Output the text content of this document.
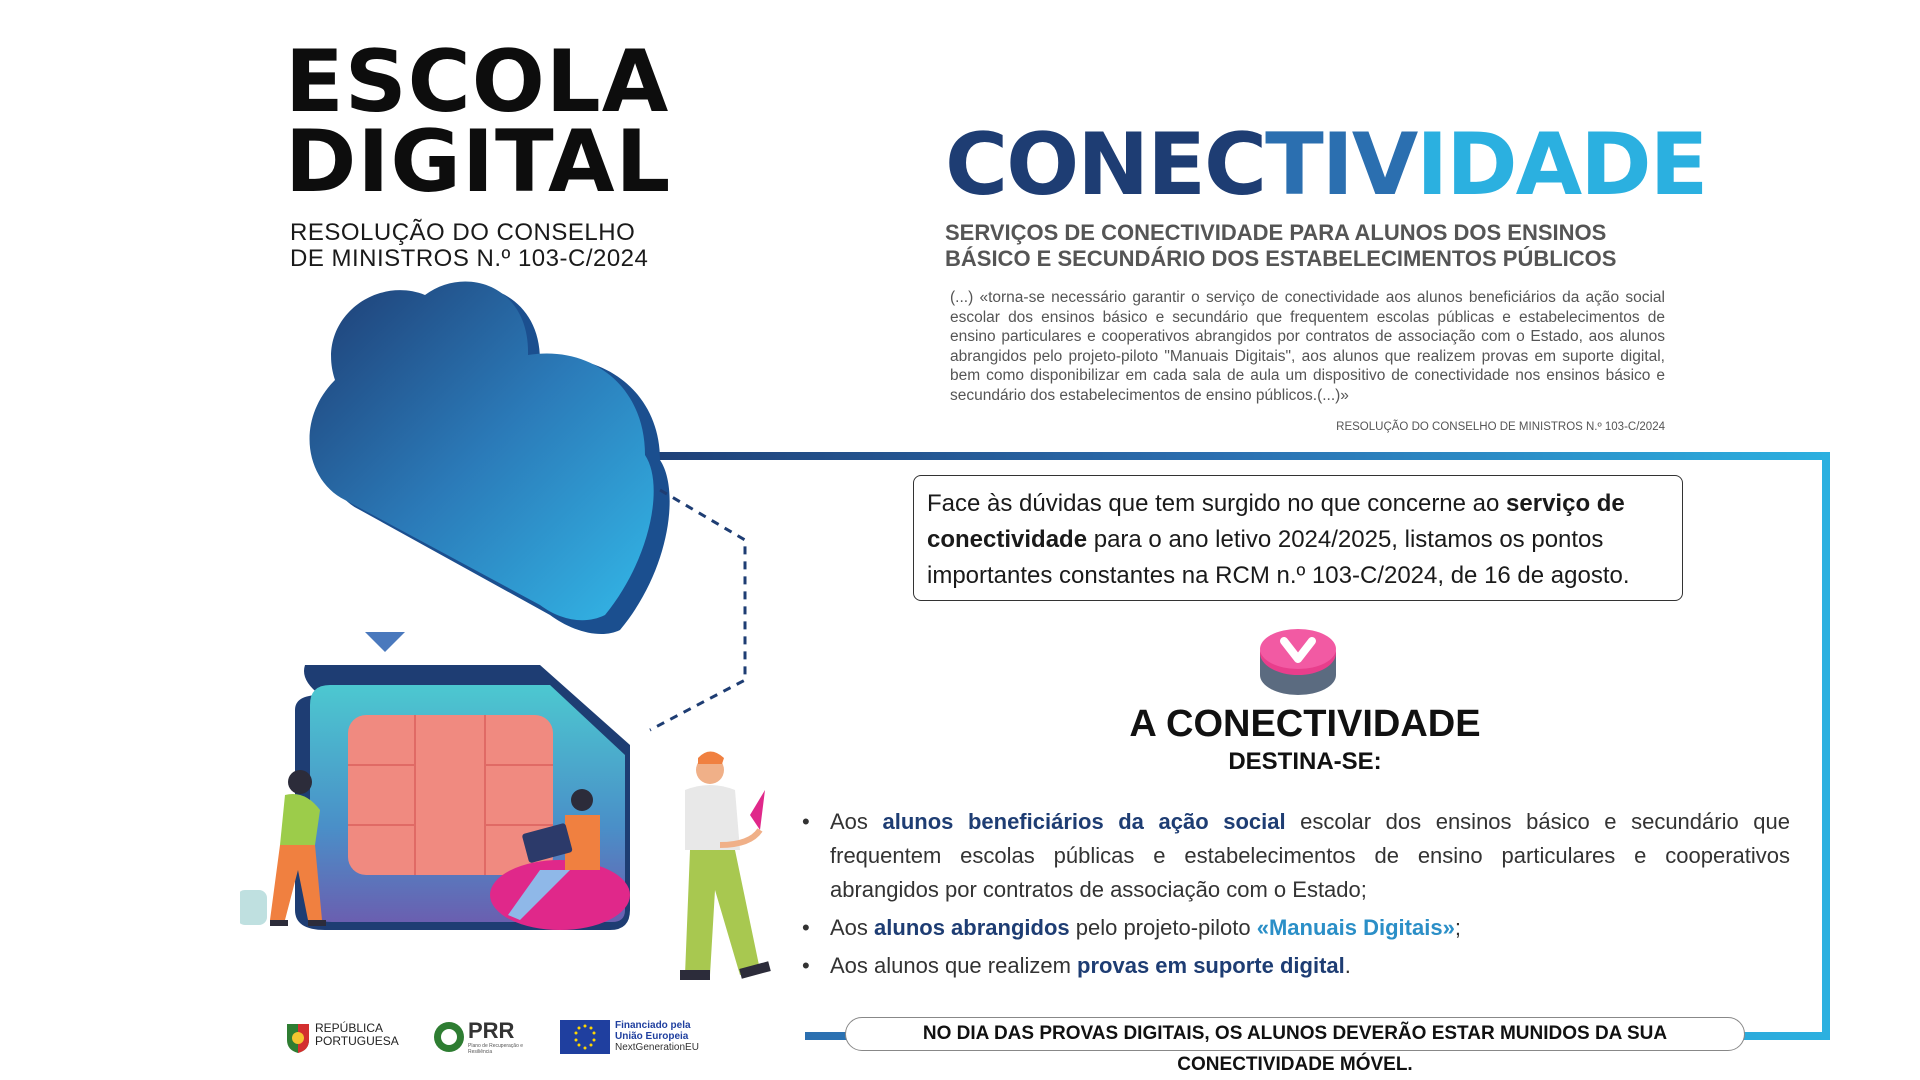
ESCOLA
DIGITAL
RESOLUÇÃO DO CONSELHO
DE MINISTROS N.º 103-C/2024
CONECTIVIDADE
SERVIÇOS DE CONECTIVIDADE PARA ALUNOS DOS ENSINOS
BÁSICO E SECUNDÁRIO DOS ESTABELECIMENTOS PÚBLICOS
(...) «torna-se necessário garantir o serviço de conectividade aos alunos beneficiários da ação social escolar dos ensinos básico e secundário que frequentem escolas públicas e estabelecimentos de ensino particulares e cooperativos abrangidos por contratos de associação com o Estado, aos alunos abrangidos pelo projeto-piloto "Manuais Digitais", aos alunos que realizem provas em suporte digital, bem como disponibilizar em cada sala de aula um dispositivo de conectividade nos ensinos básico e secundário dos estabelecimentos de ensino públicos.(...)»
RESOLUÇÃO DO CONSELHO DE MINISTROS N.º 103-C/2024
Face às dúvidas que tem surgido no que concerne ao serviço de conectividade para o ano letivo 2024/2025, listamos os pontos importantes constantes na RCM n.º 103-C/2024, de 16 de agosto.
A CONECTIVIDADE
DESTINA-SE:
• Aos alunos beneficiários da ação social escolar dos ensinos básico e secundário que frequentem escolas públicas e estabelecimentos de ensino particulares e cooperativos abrangidos por contratos de associação com o Estado;
• Aos alunos abrangidos pelo projeto-piloto «Manuais Digitais»;
• Aos alunos que realizem provas em suporte digital.
NO DIA DAS PROVAS DIGITAIS, OS ALUNOS DEVERÃO ESTAR MUNIDOS DA SUA CONECTIVIDADE MÓVEL.
REPÚBLICA
PORTUGUESA	PRR
Plano de Recuperação e Resiliência
Financiado pela
União Europeia
NextGenerationEU
